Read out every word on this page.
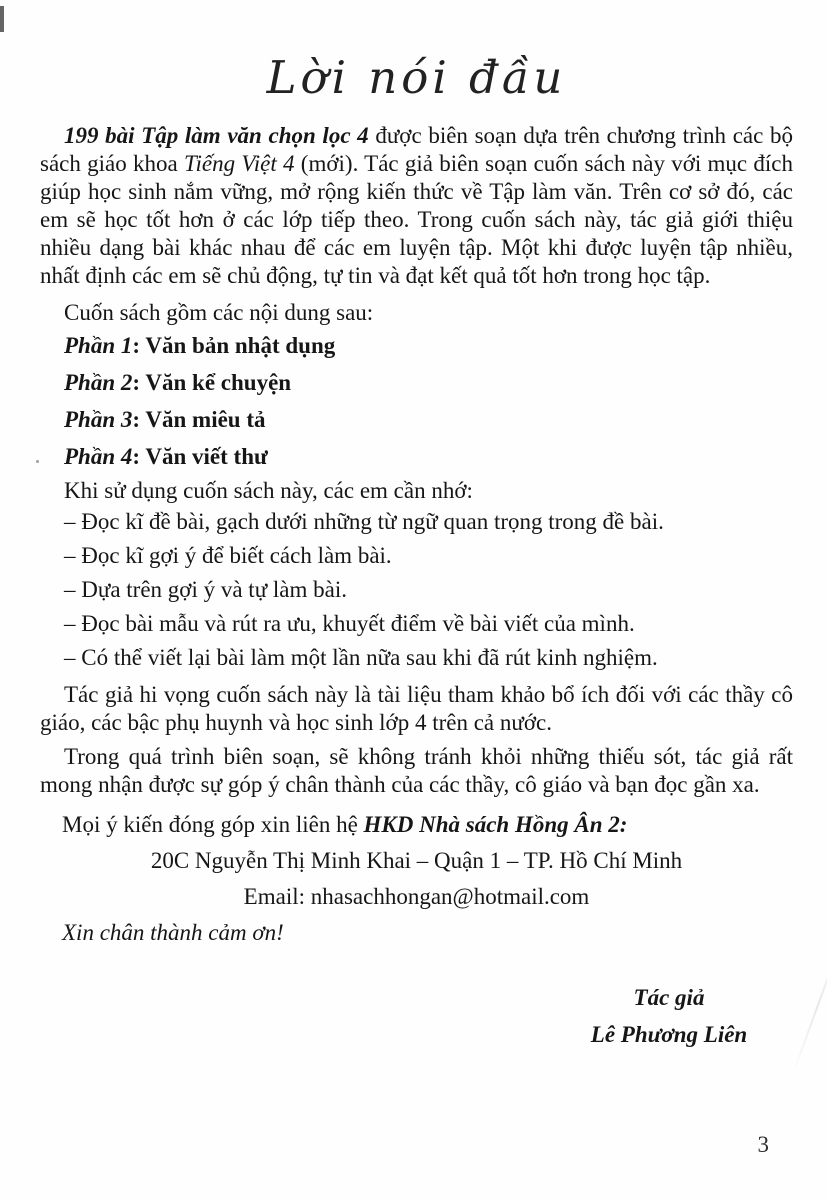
Lời nói đầu

199 bài Tập làm văn chọn lọc 4 được biên soạn dựa trên chương trình các bộ sách giáo khoa Tiếng Việt 4 (mới). Tác giả biên soạn cuốn sách này với mục đích giúp học sinh nắm vững, mở rộng kiến thức về Tập làm văn. Trên cơ sở đó, các em sẽ học tốt hơn ở các lớp tiếp theo. Trong cuốn sách này, tác giả giới thiệu nhiều dạng bài khác nhau để các em luyện tập. Một khi được luyện tập nhiều, nhất định các em sẽ chủ động, tự tin và đạt kết quả tốt hơn trong học tập.

Cuốn sách gồm các nội dung sau:

Phần 1: Văn bản nhật dụng
Phần 2: Văn kể chuyện
Phần 3: Văn miêu tả
Phần 4: Văn viết thư

Khi sử dụng cuốn sách này, các em cần nhớ:

– Đọc kĩ đề bài, gạch dưới những từ ngữ quan trọng trong đề bài.
– Đọc kĩ gợi ý để biết cách làm bài.
– Dựa trên gợi ý và tự làm bài.
– Đọc bài mẫu và rút ra ưu, khuyết điểm về bài viết của mình.
– Có thể viết lại bài làm một lần nữa sau khi đã rút kinh nghiệm.

Tác giả hi vọng cuốn sách này là tài liệu tham khảo bổ ích đối với các thầy cô giáo, các bậc phụ huynh và học sinh lớp 4 trên cả nước.

Trong quá trình biên soạn, sẽ không tránh khỏi những thiếu sót, tác giả rất mong nhận được sự góp ý chân thành của các thầy, cô giáo và bạn đọc gần xa.

Mọi ý kiến đóng góp xin liên hệ HKD Nhà sách Hồng Ân 2:
20C Nguyễn Thị Minh Khai – Quận 1 – TP. Hồ Chí Minh
Email: nhasachhongan@hotmail.com
Xin chân thành cảm ơn!
Tác giả
Lê Phương Liên
3
